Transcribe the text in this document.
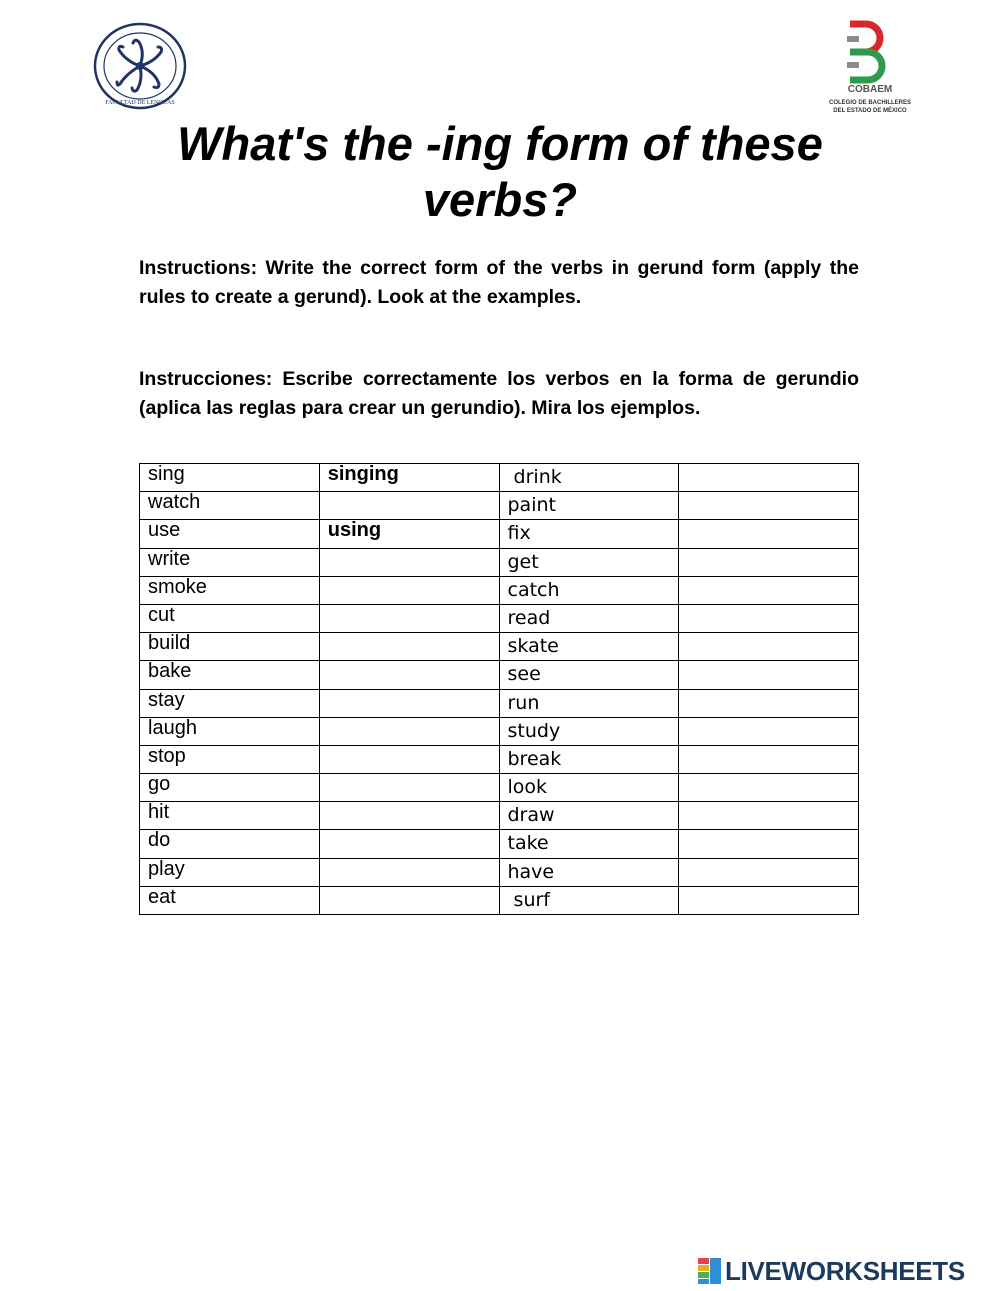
FACULTAD DE LENGUAS
COBAEM
COLEGIO DE BACHILLERES
DEL ESTADO DE MÉXICO
What's the -ing form of these verbs?

Instructions: Write the correct form of the verbs in gerund form (apply the rules to create a gerund). Look at the examples.

Instrucciones: Escribe correctamente los verbos en la forma de gerundio (aplica las reglas para crear un gerundio). Mira los ejemplos.

sing	singing	drink	
watch		paint	
use	using	fix	
write		get	
smoke		catch	
cut		read	
build		skate	
bake		see	
stay		run	
laugh		study	
stop		break	
go		look	
hit		draw	
do		take	
play		have	
eat		surf	
LIVEWORKSHEETS
